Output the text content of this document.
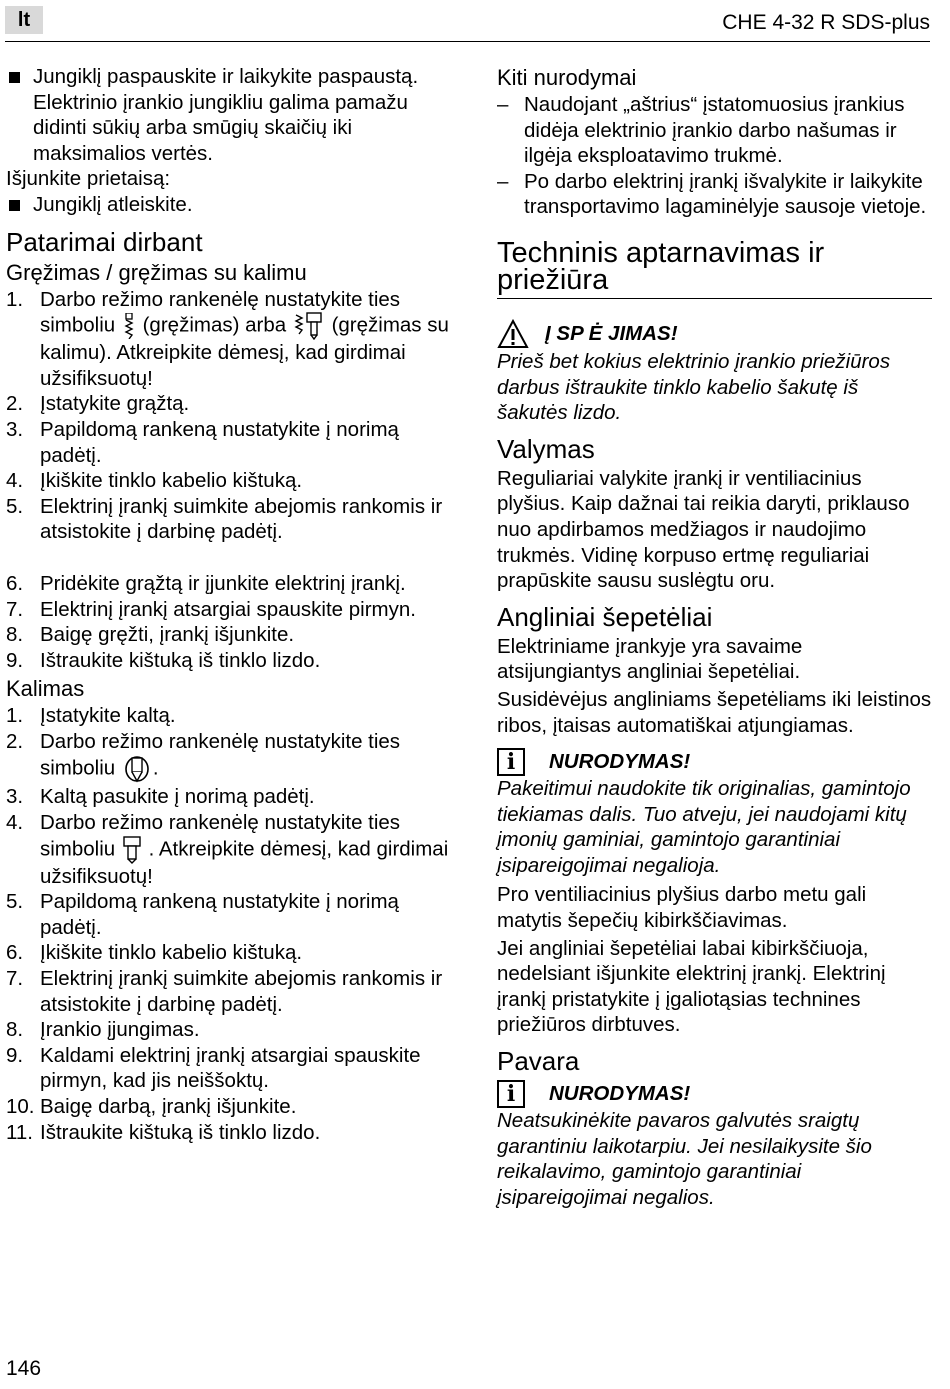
lt	CHE 4-32 R SDS-plus

Jungiklį paspauskite ir laikykite paspaustą.

Elektrinio įrankio jungikliu galima pamažu didinti sūkių arba smūgių skaičių iki maksimalios vertės.

Išjunkite prietaisą:

Jungiklį atleiskite.

Patarimai dirbant

Gręžimas / gręžimas su kalimu

1. Darbo režimo rankenėlę nustatykite ties simboliu (gręžimas) arba (gręžimas su kalimu). Atkreipkite dėmesį, kad girdimai užsifiksuotų!

2. Įstatykite grąžtą.

3. Papildomą rankeną nustatykite į norimą padėtį.

4. Įkiškite tinklo kabelio kištuką.

5. Elektrinį įrankį suimkite abejomis rankomis ir atsistokite į darbinę padėtį.

6. Pridėkite grąžtą ir įjunkite elektrinį įrankį.

7. Elektrinį įrankį atsargiai spauskite pirmyn.

8. Baigę gręžti, įrankį išjunkite.

9. Ištraukite kištuką iš tinklo lizdo.

Kalimas

1. Įstatykite kaltą.

2. Darbo režimo rankenėlę nustatykite ties simboliu .

3. Kaltą pasukite į norimą padėtį.

4. Darbo režimo rankenėlę nustatykite ties simboliu . Atkreipkite dėmesį, kad girdimai užsifiksuotų!

5. Papildomą rankeną nustatykite į norimą padėtį.

6. Įkiškite tinklo kabelio kištuką.

7. Elektrinį įrankį suimkite abejomis rankomis ir atsistokite į darbinę padėtį.

8. Įrankio įjungimas.

9. Kaldami elektrinį įrankį atsargiai spauskite pirmyn, kad jis neiššoktų.

10. Baigę darbą, įrankį išjunkite.

11. Ištraukite kištuką iš tinklo lizdo.

Kiti nurodymai

– Naudojant „aštrius“ įstatomuosius įrankius didėja elektrinio įrankio darbo našumas ir ilgėja eksploatavimo trukmė.

– Po darbo elektrinį įrankį išvalykite ir laikykite transportavimo lagaminėlyje sausoje vietoje.

Techninis aptarnavimas ir priežiūra

Į SP Ė JIMAS!

Prieš bet kokius elektrinio įrankio priežiūros darbus ištraukite tinklo kabelio šakutę iš šakutės lizdo.

Valymas

Reguliariai valykite įrankį ir ventiliacinius plyšius. Kaip dažnai tai reikia daryti, priklauso nuo apdirbamos medžiagos ir naudojimo trukmės. Vidinę korpuso ertmę reguliariai prapūskite sausu suslėgtu oru.

Angliniai šepetėliai

Elektriniame įrankyje yra savaime atsijungiantys angliniai šepetėliai.

Susidėvėjus angliniams šepetėliams iki leistinos ribos, įtaisas automatiškai atjungiamas.

i	NURODYMAS!

Pakeitimui naudokite tik originalias, gamintojo tiekiamas dalis. Tuo atveju, jei naudojami kitų įmonių gaminiai, gamintojo garantiniai įsipareigojimai negalioja.

Pro ventiliacinius plyšius darbo metu gali matytis šepečių kibirkščiavimas.

Jei angliniai šepetėliai labai kibirkščiuoja, nedelsiant išjunkite elektrinį įrankį. Elektrinį įrankį pristatykite į įgaliotąsias technines priežiūros dirbtuves.

Pavara

i	NURODYMAS!

Neatsukinėkite pavaros galvutės sraigtų garantiniu laikotarpiu. Jei nesilaikysite šio reikalavimo, gamintojo garantiniai įsipareigojimai negalios.

146
